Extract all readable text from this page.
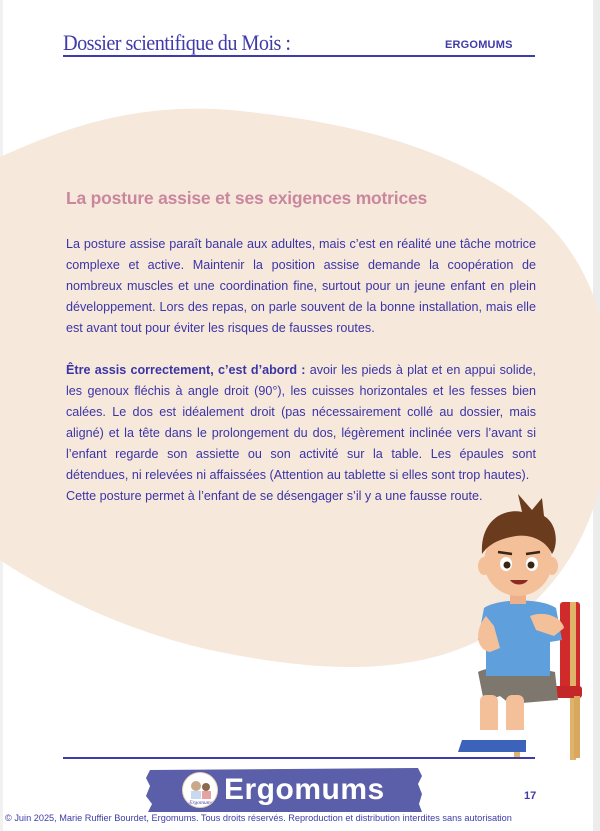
Dossier scientifique du Mois :	ERGOMUMS
La posture assise et ses exigences motrices

La posture assise paraît banale aux adultes, mais c’est en réalité une tâche motrice complexe et active. Maintenir la position assise demande la coopération de nombreux muscles et une coordination fine, surtout pour un jeune enfant en plein développement. Lors des repas, on parle souvent de la bonne installation, mais elle est avant tout pour éviter les risques de fausses routes.

Être assis correctement, c’est d’abord : avoir les pieds à plat et en appui solide, les genoux fléchis à angle droit (90°), les cuisses horizontales et les fesses bien calées. Le dos est idéalement droit (pas nécessairement collé au dossier, mais aligné) et la tête dans le prolongement du dos, légèrement inclinée vers l’avant si l’enfant regarde son assiette ou son activité sur la table. Les épaules sont détendues, ni relevées ni affaissées (Attention au tablette si elles sont trop hautes).

Cette posture permet à l’enfant de se désengager s’il y a une fausse route.

Ergomums Ergomums	17
© Juin 2025, Marie Ruffier Bourdet, Ergomums. Tous droits réservés. Reproduction et distribution interdites sans autorisation
